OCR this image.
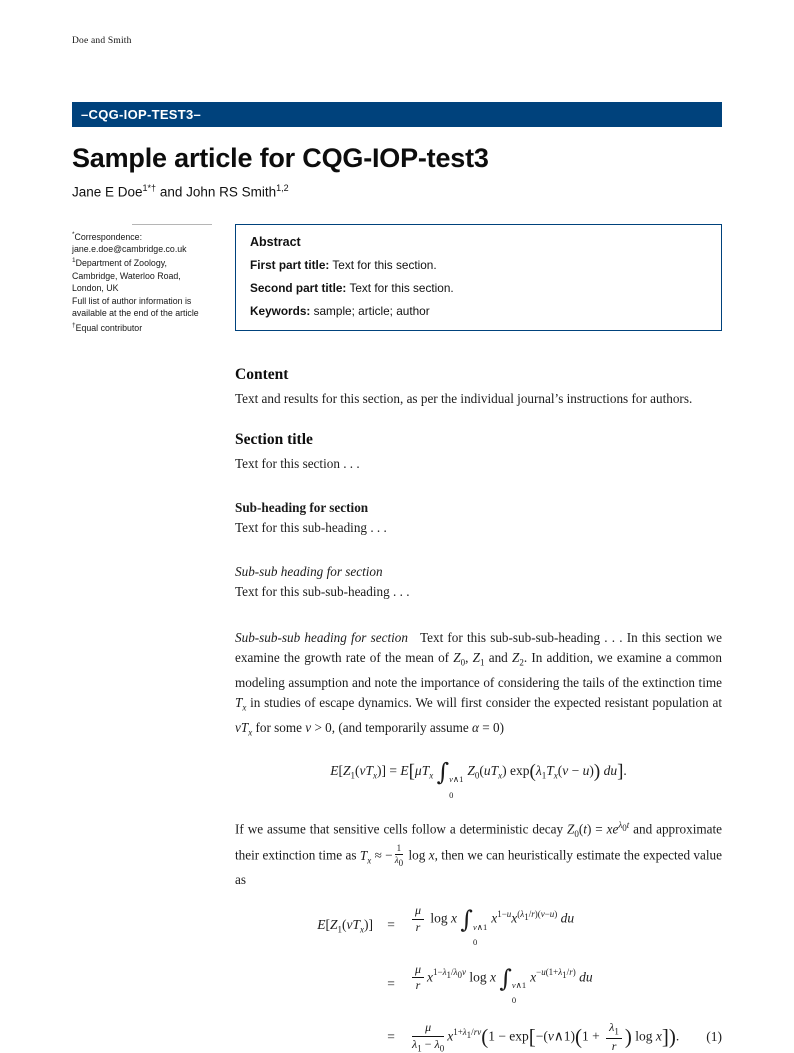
Doe and Smith
–CQG-IOP-TEST3–
Sample article for CQG-IOP-test3
Jane E Doe$^{1*\dagger}$ and John RS Smith$^{1,2}$
*Correspondence:
jane.e.doe@cambridge.co.uk
$^1$Department of Zoology,
Cambridge, Waterloo Road,
London, UK
Full list of author information is
available at the end of the article
†Equal contributor
Abstract

First part title: Text for this section.

Second part title: Text for this section.

Keywords: sample; article; author

Content

Text and results for this section, as per the individual journal’s instructions for authors.

Section title

Text for this section . . .

Sub-heading for section

Text for this sub-heading . . .

Sub-sub heading for section

Text for this sub-sub-heading . . .

Sub-sub-sub heading for section Text for this sub-sub-sub-heading . . . In this section we examine the growth rate of the mean of $Z_0$, $Z_1$ and $Z_2$. In addition, we examine a common modeling assumption and note the importance of considering the tails of the extinction time $T_x$ in studies of escape dynamics. We will first consider the expected resistant population at $vT_x$ for some v > 0, (and temporarily assume α = 0)

$E[Z_1(vT_x)] = E[\mu T_x$ ∫ v∧1
0
$Z_0(uT_x) \exp(\lambda_1T_x(v - u))$ du].

If we assume that sensitive cells follow a deterministic decay $Z_0(t) = xe^{\lambda_0t}$ and approximate their extinction time as $T_x$ ≈ − $\frac{1}{\lambda_0}$ log x, then we can heuristically estimate the expected value as

$E[Z_1(vT_x)]$	=	$\frac{\mu}{r}$ log x ∫ v∧1
0
$x^{1-u}x^{(\lambda_1/r)(v-u)}$ du
=	$\frac{\mu}{r} x^{1-\lambda_1/\lambda_0v}$ log x ∫ v∧1
0
$x^{-u(1+\lambda_1/r)}$ du
=	$\frac{\mu}{\lambda_1 - \lambda_0} x^{1+\lambda_1/rv}(1$ − exp[−(v∧1)(1 + $\frac{\lambda_1}{r}$ ) log x]).	(1)
